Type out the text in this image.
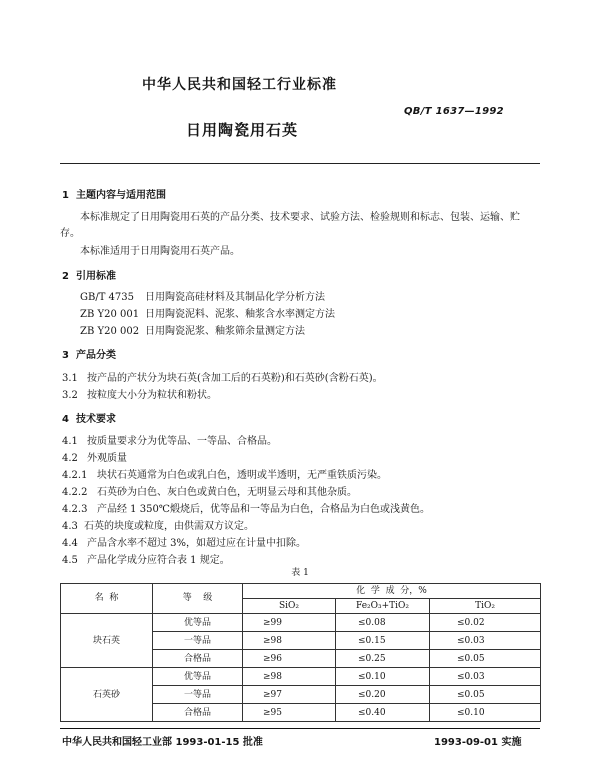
中华人民共和国轻工行业标准
QB/T 1637—1992
日用陶瓷用石英
1 主题内容与适用范围
本标准规定了日用陶瓷用石英的产品分类、技术要求、试验方法、检验规则和标志、包装、运输、贮存。
本标准适用于日用陶瓷用石英产品。
2 引用标准
GB/T 4735 日用陶瓷高硅材料及其制品化学分析方法
ZB Y20 001 日用陶瓷泥料、泥浆、釉浆含水率测定方法
ZB Y20 002 日用陶瓷泥浆、釉浆筛余量测定方法
3 产品分类
3.1 按产品的产状分为块石英(含加工后的石英粉)和石英砂(含粉石英)。
3.2 按粒度大小分为粒状和粉状。
4 技术要求
4.1 按质量要求分为优等品、一等品、合格品。
4.2 外观质量
4.2.1 块状石英通常为白色或乳白色，透明或半透明，无严重铁质污染。
4.2.2 石英砂为白色、灰白色或黄白色，无明显云母和其他杂质。
4.2.3 产品经 1 350℃煅烧后，优等品和一等品为白色，合格品为白色或浅黄色。
4.3 石英的块度或粒度，由供需双方议定。
4.4 产品含水率不超过 3%，如超过应在计量中扣除。
4.5 产品化学成分应符合表 1 规定。
表 1
名  称	等    级	化  学  成  分，%		
		SiO₂	Fe₂O₃+TiO₂	TiO₂
块石英	优等品	≥99	≤0.08	≤0.02
	一等品	≥98	≤0.15	≤0.03
	合格品	≥96	≤0.25	≤0.05
石英砂	优等品	≥98	≤0.10	≤0.03
	一等品	≥97	≤0.20	≤0.05
	合格品	≥95	≤0.40	≤0.10
中华人民共和国轻工业部 1993-01-15 批准	1993-09-01 实施
